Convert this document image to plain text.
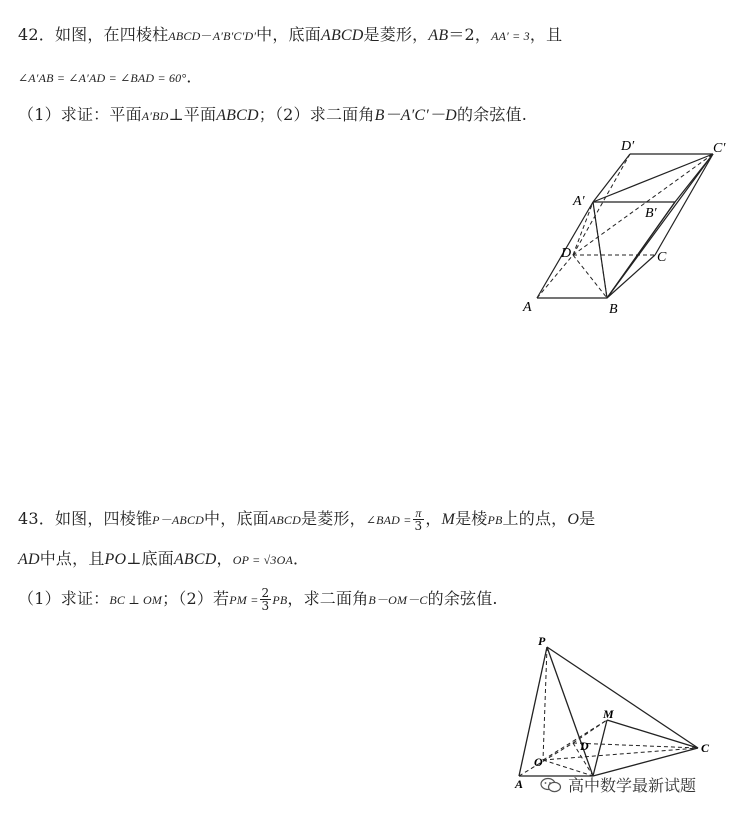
42．如图，在四棱柱ABCD－A′B′C′D′中，底面ABCD是菱形，AB＝2，AA′ = 3，且
∠A′AB = ∠A′AD = ∠BAD = 60°．
（1）求证：平面A′BD⊥平面ABCD；（2）求二面角B－A′C′－D的余弦值.
D′	C′
A′
B′
D	C
A	B
43．如图，四棱锥P－ABCD中，底面ABCD是菱形，∠BAD = $\frac{\pi}{3}$ ，M是棱PB上的点，O是
AD中点，且PO⊥底面ABCD，OP = √3OA．
（1）求证：BC ⊥ OM；（2）若PM = $\frac{2}{3}$ PB，求二面角B－OM－C的余弦值.
P
M
D
O
C
A	高中数学最新试题
